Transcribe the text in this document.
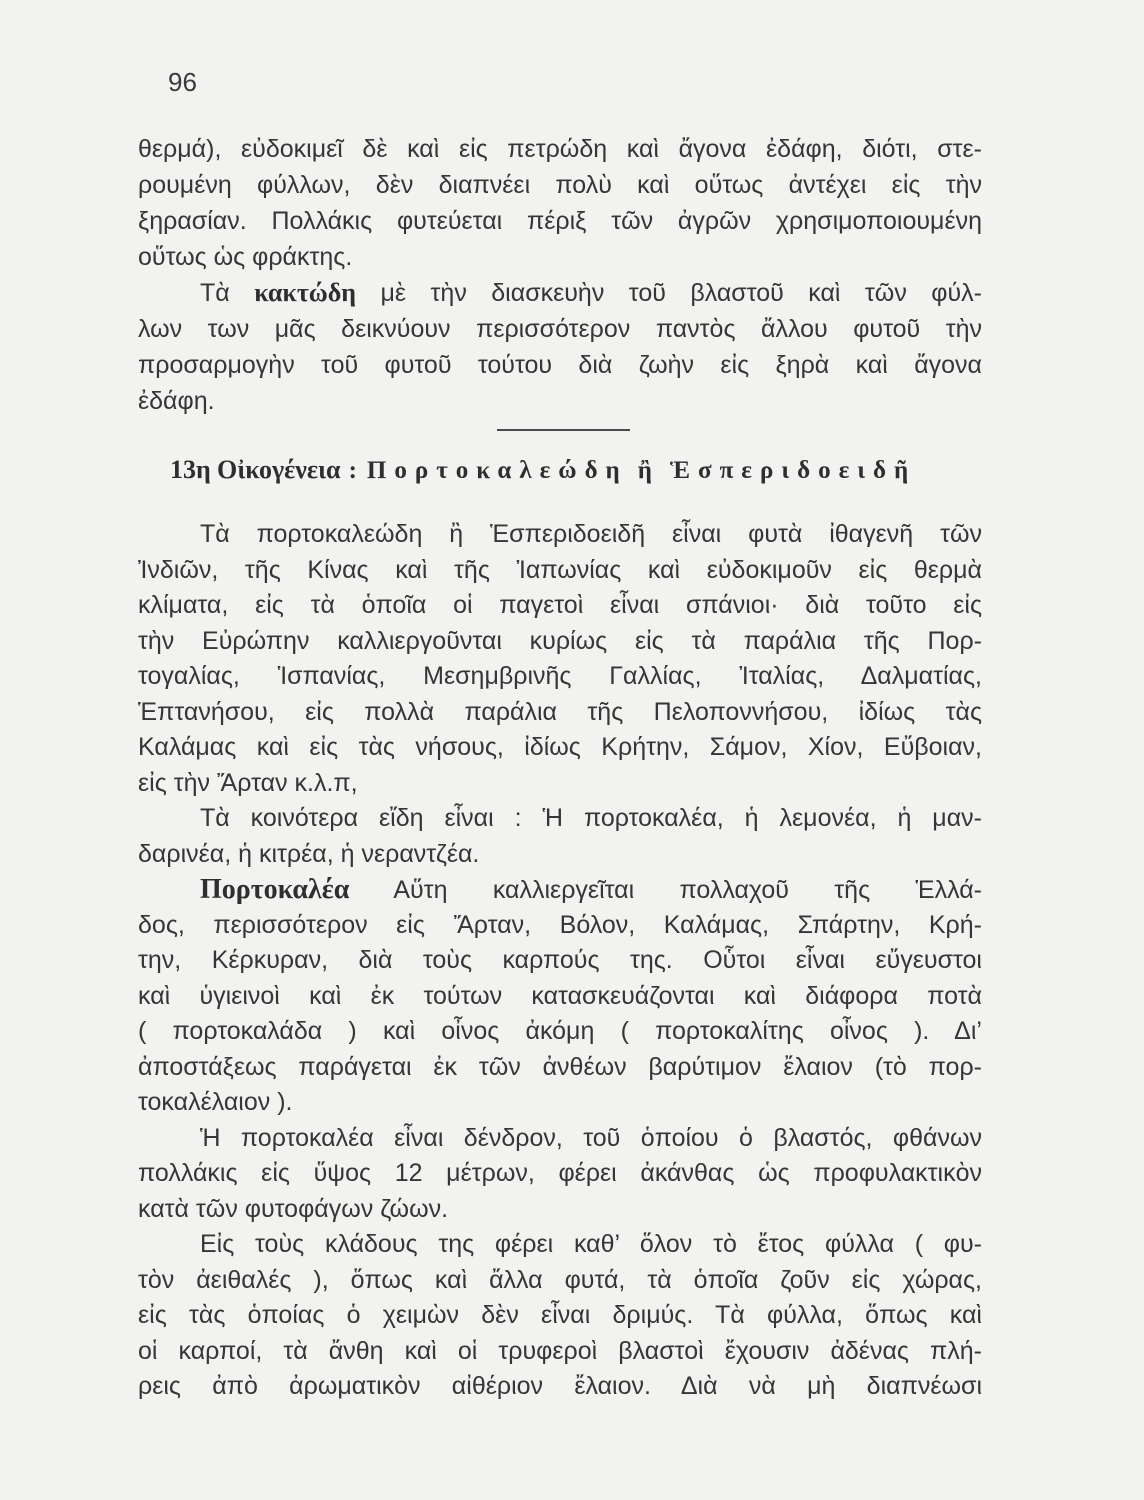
96
θερμά), εὐδοκιμεῖ δὲ καὶ εἰς πετρώδη καὶ ἄγονα ἐδάφη, διότι, στε-
ρουμένη φύλλων, δὲν διαπνέει πολὺ καὶ οὕτως ἀντέχει εἰς τὴν
ξηρασίαν. Πολλάκις φυτεύεται πέριξ τῶν ἀγρῶν χρησιμοποιουμένη
οὕτως ὡς φράκτης.
Τὰ κακτώδη μὲ τὴν διασκευὴν τοῦ βλαστοῦ καὶ τῶν φύλ-
λων των μᾶς δεικνύουν περισσότερον παντὸς ἄλλου φυτοῦ τὴν
προσαρμογὴν τοῦ φυτοῦ τούτου διὰ ζωὴν εἰς ξηρὰ καὶ ἄγονα
ἐδάφη.
13η Οἰκογένεια : Πορτοκαλεώδη ἢ Ἑσπεριδοειδῆ
Τὰ πορτοκαλεώδη ἢ Ἑσπεριδοειδῆ εἶναι φυτὰ ἰθαγενῆ τῶν
Ἰνδιῶν, τῆς Κίνας καὶ τῆς Ἰαπωνίας καὶ εὐδοκιμοῦν εἰς θερμὰ
κλίματα, εἰς τὰ ὁποῖα οἱ παγετοὶ εἶναι σπάνιοι· διὰ τοῦτο εἰς
τὴν Εὐρώπην καλλιεργοῦνται κυρίως εἰς τὰ παράλια τῆς Πορ-
τογαλίας, Ἱσπανίας, Μεσημβρινῆς Γαλλίας, Ἰταλίας, Δαλματίας,
Ἑπτανήσου, εἰς πολλὰ παράλια τῆς Πελοποννήσου, ἰδίως τὰς
Καλάμας καὶ εἰς τὰς νήσους, ἰδίως Κρήτην, Σάμον, Χίον, Εὔβοιαν,
εἰς τὴν Ἄρταν κ.λ.π,
Τὰ κοινότερα εἴδη εἶναι : Ἡ πορτοκαλέα, ἡ λεμονέα, ἡ μαν-
δαρινέα, ἡ κιτρέα, ἡ νεραντζέα.
Πορτοκαλέα Αὕτη καλλιεργεῖται πολλαχοῦ τῆς Ἑλλά-
δος, περισσότερον εἰς Ἄρταν, Βόλον, Καλάμας, Σπάρτην, Κρή-
την, Κέρκυραν, διὰ τοὺς καρπούς της. Οὗτοι εἶναι εὔγευστοι
καὶ ὑγιεινοὶ καὶ ἐκ τούτων κατασκευάζονται καὶ διάφορα ποτὰ
( πορτοκαλάδα ) καὶ οἶνος ἀκόμη ( πορτοκαλίτης οἶνος ). Δι’
ἀποστάξεως παράγεται ἐκ τῶν ἀνθέων βαρύτιμον ἔλαιον (τὸ πορ-
τοκαλέλαιον ).
Ἡ πορτοκαλέα εἶναι δένδρον, τοῦ ὁποίου ὁ βλαστός, φθάνων
πολλάκις εἰς ὕψος 12 μέτρων, φέρει ἀκάνθας ὡς προφυλακτικὸν
κατὰ τῶν φυτοφάγων ζώων.
Εἰς τοὺς κλάδους της φέρει καθ’ ὅλον τὸ ἔτος φύλλα ( φυ-
τὸν ἀειθαλές ), ὅπως καὶ ἄλλα φυτά, τὰ ὁποῖα ζοῦν εἰς χώρας,
εἰς τὰς ὁποίας ὁ χειμὼν δὲν εἶναι δριμύς. Τὰ φύλλα, ὅπως καὶ
οἱ καρποί, τὰ ἄνθη καὶ οἱ τρυφεροὶ βλαστοὶ ἔχουσιν ἀδένας πλή-
ρεις ἀπὸ ἀρωματικὸν αἰθέριον ἔλαιον. Διὰ νὰ μὴ διαπνέωσι
